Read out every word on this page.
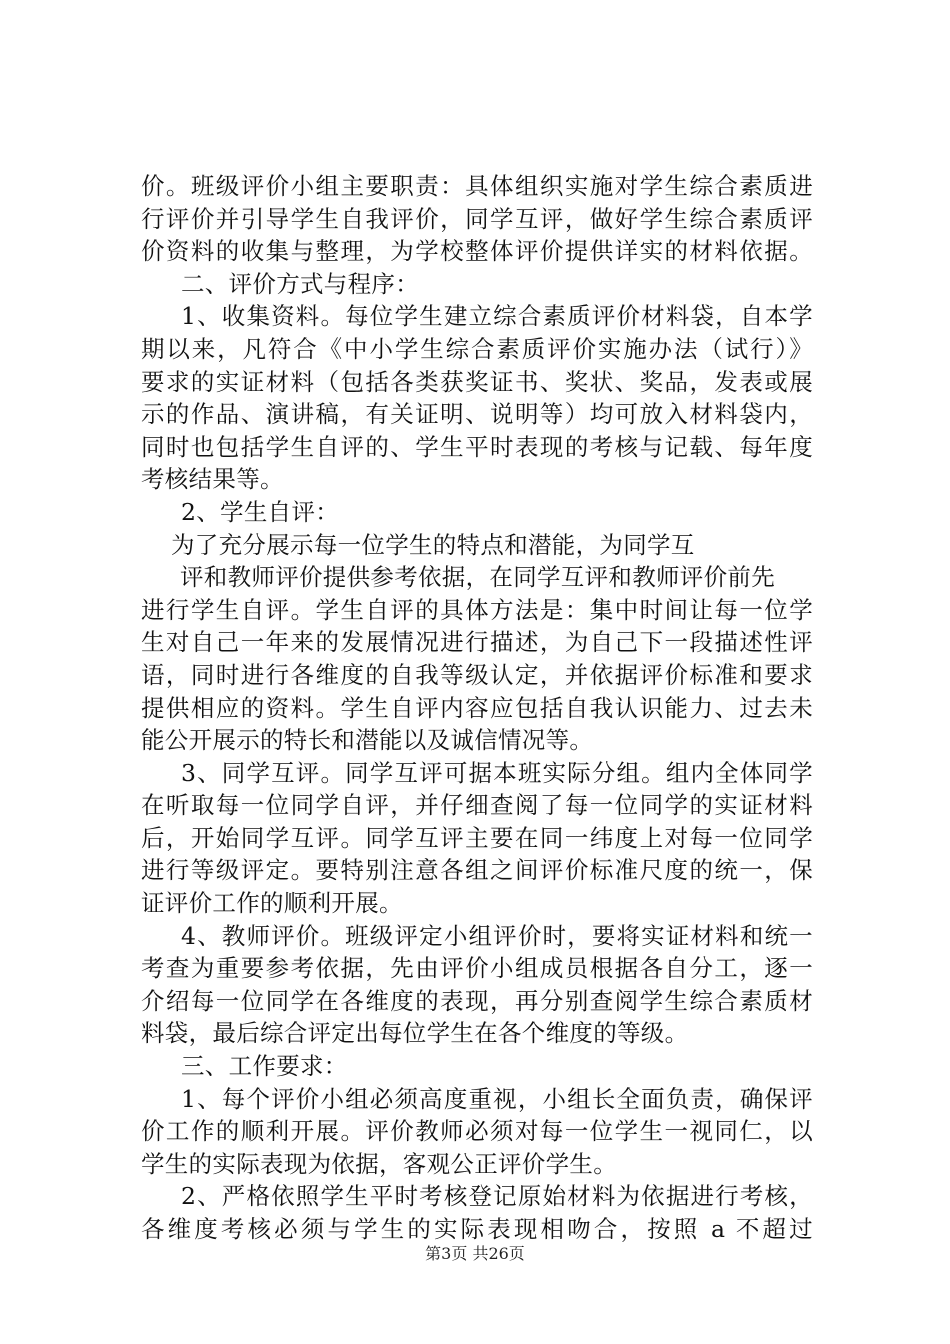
价。班级评价小组主要职责：具体组织实施对学生综合素质进
行评价并引导学生自我评价，同学互评，做好学生综合素质评
价资料的收集与整理，为学校整体评价提供详实的材料依据。
二、评价方式与程序：
1、收集资料。每位学生建立综合素质评价材料袋，自本学
期以来，凡符合《中小学生综合素质评价实施办法（试行）》
要求的实证材料（包括各类获奖证书、奖状、奖品，发表或展
示的作品、演讲稿，有关证明、说明等）均可放入材料袋内，
同时也包括学生自评的、学生平时表现的考核与记载、每年度
考核结果等。
2、学生自评：
为了充分展示每一位学生的特点和潜能，为同学互
评和教师评价提供参考依据，在同学互评和教师评价前先
进行学生自评。学生自评的具体方法是：集中时间让每一位学
生对自己一年来的发展情况进行描述，为自己下一段描述性评
语，同时进行各维度的自我等级认定，并依据评价标准和要求
提供相应的资料。学生自评内容应包括自我认识能力、过去未
能公开展示的特长和潜能以及诚信情况等。
3、同学互评。同学互评可据本班实际分组。组内全体同学
在听取每一位同学自评，并仔细查阅了每一位同学的实证材料
后，开始同学互评。同学互评主要在同一纬度上对每一位同学
进行等级评定。要特别注意各组之间评价标准尺度的统一，保
证评价工作的顺利开展。
4、教师评价。班级评定小组评价时，要将实证材料和统一
考查为重要参考依据，先由评价小组成员根据各自分工，逐一
介绍每一位同学在各维度的表现，再分别查阅学生综合素质材
料袋，最后综合评定出每位学生在各个维度的等级。
三、工作要求：
1、每个评价小组必须高度重视，小组长全面负责，确保评
价工作的顺利开展。评价教师必须对每一位学生一视同仁，以
学生的实际表现为依据，客观公正评价学生。
2、严格依照学生平时考核登记原始材料为依据进行考核，
各维度考核必须与学生的实际表现相吻合，按照 a 不超过
第3页 共26页
